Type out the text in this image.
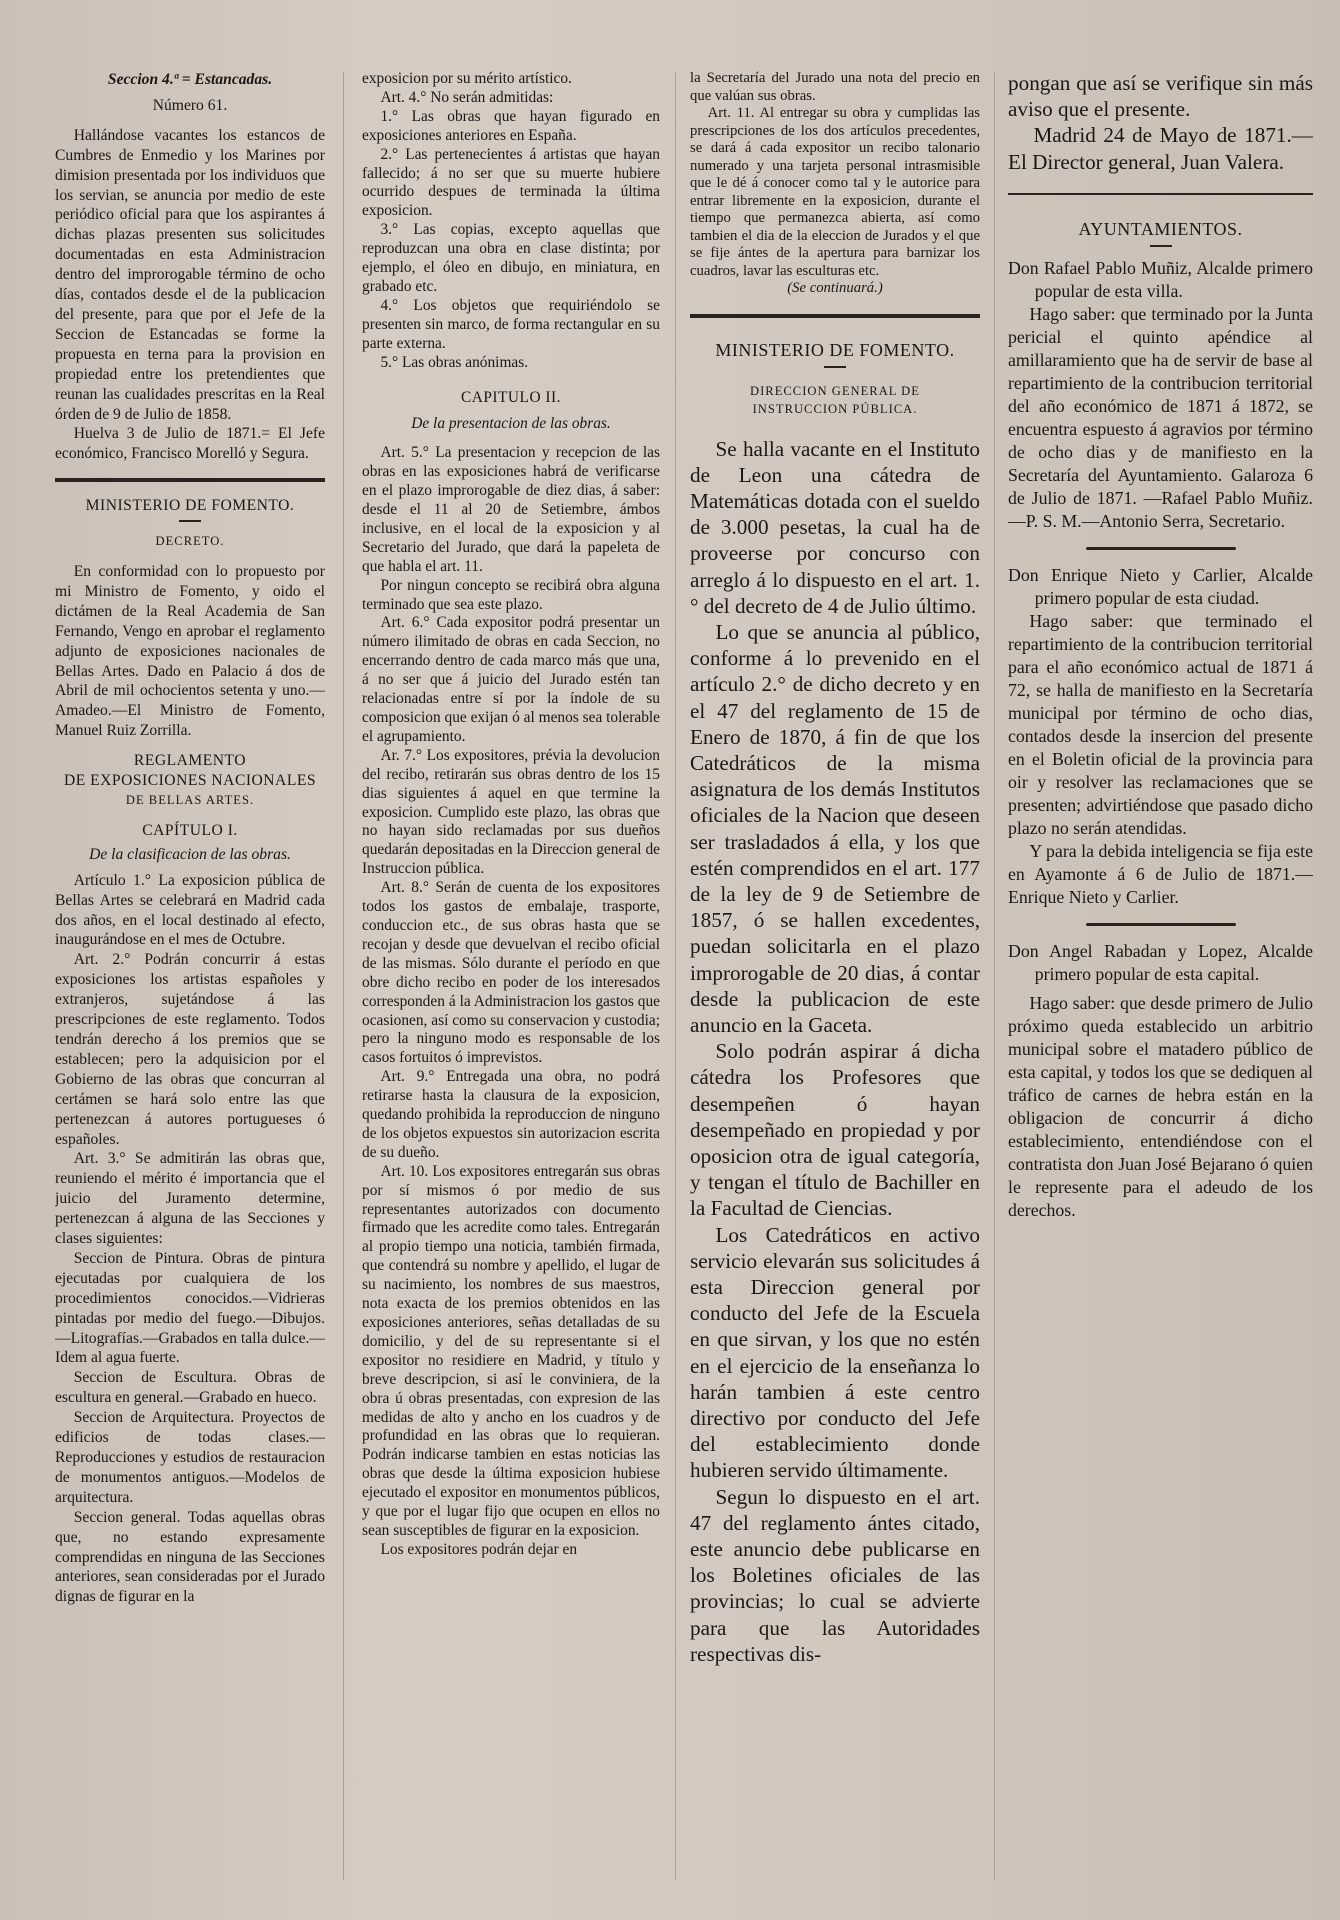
Seccion 4.ª = Estancadas.

Número 61.

Hallándose vacantes los estancos de Cumbres de Enmedio y los Marines por dimision presentada por los individuos que los servian, se anuncia por medio de este periódico oficial para que los aspirantes á dichas plazas presenten sus solicitudes documentadas en esta Administracion dentro del improrogable término de ocho días, contados desde el de la publicacion del presente, para que por el Jefe de la Seccion de Estancadas se forme la propuesta en terna para la provision en propiedad entre los pretendientes que reunan las cualidades prescritas en la Real órden de 9 de Julio de 1858.

Huelva 3 de Julio de 1871.= El Jefe económico, Francisco Morelló y Segura.

MINISTERIO DE FOMENTO.

DECRETO.

En conformidad con lo propuesto por mi Ministro de Fomento, y oido el dictámen de la Real Academia de San Fernando, Vengo en aprobar el reglamento adjunto de exposiciones nacionales de Bellas Artes. Dado en Palacio á dos de Abril de mil ochocientos setenta y uno.—Amadeo.—El Ministro de Fomento, Manuel Ruiz Zorrilla.

REGLAMENTO

DE EXPOSICIONES NACIONALES

DE BELLAS ARTES.

CAPÍTULO I.

De la clasificacion de las obras.

Artículo 1.° La exposicion pública de Bellas Artes se celebrará en Madrid cada dos años, en el local destinado al efecto, inaugurándose en el mes de Octubre.

Art. 2.° Podrán concurrir á estas exposiciones los artistas españoles y extranjeros, sujetándose á las prescripciones de este reglamento. Todos tendrán derecho á los premios que se establecen; pero la adquisicion por el Gobierno de las obras que concurran al certámen se hará solo entre las que pertenezcan á autores portugueses ó españoles.

Art. 3.° Se admitirán las obras que, reuniendo el mérito é importancia que el juicio del Juramento determine, pertenezcan á alguna de las Secciones y clases siguientes:

Seccion de Pintura. Obras de pintura ejecutadas por cualquiera de los procedimientos conocidos.—Vidrieras pintadas por medio del fuego.—Dibujos.—Litografías.—Grabados en talla dulce.—Idem al agua fuerte.

Seccion de Escultura. Obras de escultura en general.—Grabado en hueco.

Seccion de Arquitectura. Proyectos de edificios de todas clases.—Reproducciones y estudios de restauracion de monumentos antiguos.—Modelos de arquitectura.

Seccion general. Todas aquellas obras que, no estando expresamente comprendidas en ninguna de las Secciones anteriores, sean consideradas por el Jurado dignas de figurar en la

exposicion por su mérito artístico.

Art. 4.° No serán admitidas:

1.° Las obras que hayan figurado en exposiciones anteriores en España.

2.° Las pertenecientes á artistas que hayan fallecido; á no ser que su muerte hubiere ocurrido despues de terminada la última exposicion.

3.° Las copias, excepto aquellas que reproduzcan una obra en clase distinta; por ejemplo, el óleo en dibujo, en miniatura, en grabado etc.

4.° Los objetos que requiriéndolo se presenten sin marco, de forma rectangular en su parte externa.

5.° Las obras anónimas.

CAPITULO II.

De la presentacion de las obras.

Art. 5.° La presentacion y recepcion de las obras en las exposiciones habrá de verificarse en el plazo improrogable de diez dias, á saber: desde el 11 al 20 de Setiembre, ámbos inclusive, en el local de la exposicion y al Secretario del Jurado, que dará la papeleta de que habla el art. 11.

Por ningun concepto se recibirá obra alguna terminado que sea este plazo.

Art. 6.° Cada expositor podrá presentar un número ilimitado de obras en cada Seccion, no encerrando dentro de cada marco más que una, á no ser que á juicio del Jurado estén tan relacionadas entre sí por la índole de su composicion que exijan ó al menos sea tolerable el agrupamiento.

Ar. 7.° Los expositores, prévia la devolucion del recibo, retirarán sus obras dentro de los 15 dias siguientes á aquel en que termine la exposicion. Cumplido este plazo, las obras que no hayan sido reclamadas por sus dueños quedarán depositadas en la Direccion general de Instruccion pública.

Art. 8.° Serán de cuenta de los expositores todos los gastos de embalaje, trasporte, conduccion etc., de sus obras hasta que se recojan y desde que devuelvan el recibo oficial de las mismas. Sólo durante el período en que obre dicho recibo en poder de los interesados corresponden á la Administracion los gastos que ocasionen, así como su conservacion y custodia; pero la ninguno modo es responsable de los casos fortuitos ó imprevistos.

Art. 9.° Entregada una obra, no podrá retirarse hasta la clausura de la exposicion, quedando prohibida la reproduccion de ninguno de los objetos expuestos sin autorizacion escrita de su dueño.

Art. 10. Los expositores entregarán sus obras por sí mismos ó por medio de sus representantes autorizados con documento firmado que les acredite como tales. Entregarán al propio tiempo una noticia, también firmada, que contendrá su nombre y apellido, el lugar de su nacimiento, los nombres de sus maestros, nota exacta de los premios obtenidos en las exposiciones anteriores, señas detalladas de su domicilio, y del de su representante si el expositor no residiere en Madrid, y título y breve descripcion, si así le conviniera, de la obra ú obras presentadas, con expresion de las medidas de alto y ancho en los cuadros y de profundidad en las obras que lo requieran. Podrán indicarse tambien en estas noticias las obras que desde la última exposicion hubiese ejecutado el expositor en monumentos públicos, y que por el lugar fijo que ocupen en ellos no sean susceptibles de figurar en la exposicion.

Los expositores podrán dejar en

la Secretaría del Jurado una nota del precio en que valúan sus obras.

Art. 11. Al entregar su obra y cumplidas las prescripciones de los dos artículos precedentes, se dará á cada expositor un recibo talonario numerado y una tarjeta personal intrasmisible que le dé á conocer como tal y le autorice para entrar libremente en la exposicion, durante el tiempo que permanezca abierta, así como tambien el dia de la eleccion de Jurados y el que se fije ántes de la apertura para barnizar los cuadros, lavar las esculturas etc.

(Se continuará.)

MINISTERIO DE FOMENTO.

DIRECCION GENERAL DE INSTRUCCION PÚBLICA.

Se halla vacante en el Instituto de Leon una cátedra de Matemáticas dotada con el sueldo de 3.000 pesetas, la cual ha de proveerse por concurso con arreglo á lo dispuesto en el art. 1.° del decreto de 4 de Julio último.

Lo que se anuncia al público, conforme á lo prevenido en el artículo 2.° de dicho decreto y en el 47 del reglamento de 15 de Enero de 1870, á fin de que los Catedráticos de la misma asignatura de los demás Institutos oficiales de la Nacion que deseen ser trasladados á ella, y los que estén comprendidos en el art. 177 de la ley de 9 de Setiembre de 1857, ó se hallen excedentes, puedan solicitarla en el plazo improrogable de 20 dias, á contar desde la publicacion de este anuncio en la Gaceta.

Solo podrán aspirar á dicha cátedra los Profesores que desempeñen ó hayan desempeñado en propiedad y por oposicion otra de igual categoría, y tengan el título de Bachiller en la Facultad de Ciencias.

Los Catedráticos en activo servicio elevarán sus solicitudes á esta Direccion general por conducto del Jefe de la Escuela en que sirvan, y los que no estén en el ejercicio de la enseñanza lo harán tambien á este centro directivo por conducto del Jefe del establecimiento donde hubieren servido últimamente.

Segun lo dispuesto en el art. 47 del reglamento ántes citado, este anuncio debe publicarse en los Boletines oficiales de las provincias; lo cual se advierte para que las Autoridades respectivas dis-

pongan que así se verifique sin más aviso que el presente.

Madrid 24 de Mayo de 1871.—El Director general, Juan Valera.

AYUNTAMIENTOS.

Don Rafael Pablo Muñiz, Alcalde primero popular de esta villa.

Hago saber: que terminado por la Junta pericial el quinto apéndice al amillaramiento que ha de servir de base al repartimiento de la contribucion territorial del año económico de 1871 á 1872, se encuentra espuesto á agravios por término de ocho dias y de manifiesto en la Secretaría del Ayuntamiento. Galaroza 6 de Julio de 1871. —Rafael Pablo Muñiz.—P. S. M.—Antonio Serra, Secretario.

Don Enrique Nieto y Carlier, Alcalde primero popular de esta ciudad.

Hago saber: que terminado el repartimiento de la contribucion territorial para el año económico actual de 1871 á 72, se halla de manifiesto en la Secretaría municipal por término de ocho dias, contados desde la insercion del presente en el Boletin oficial de la provincia para oir y resolver las reclamaciones que se presenten; advirtiéndose que pasado dicho plazo no serán atendidas.

Y para la debida inteligencia se fija este en Ayamonte á 6 de Julio de 1871.—Enrique Nieto y Carlier.

Don Angel Rabadan y Lopez, Alcalde primero popular de esta capital.

Hago saber: que desde primero de Julio próximo queda establecido un arbitrio municipal sobre el matadero público de esta capital, y todos los que se dediquen al tráfico de carnes de hebra están en la obligacion de concurrir á dicho establecimiento, entendiéndose con el contratista don Juan José Bejarano ó quien le represente para el adeudo de los derechos.
